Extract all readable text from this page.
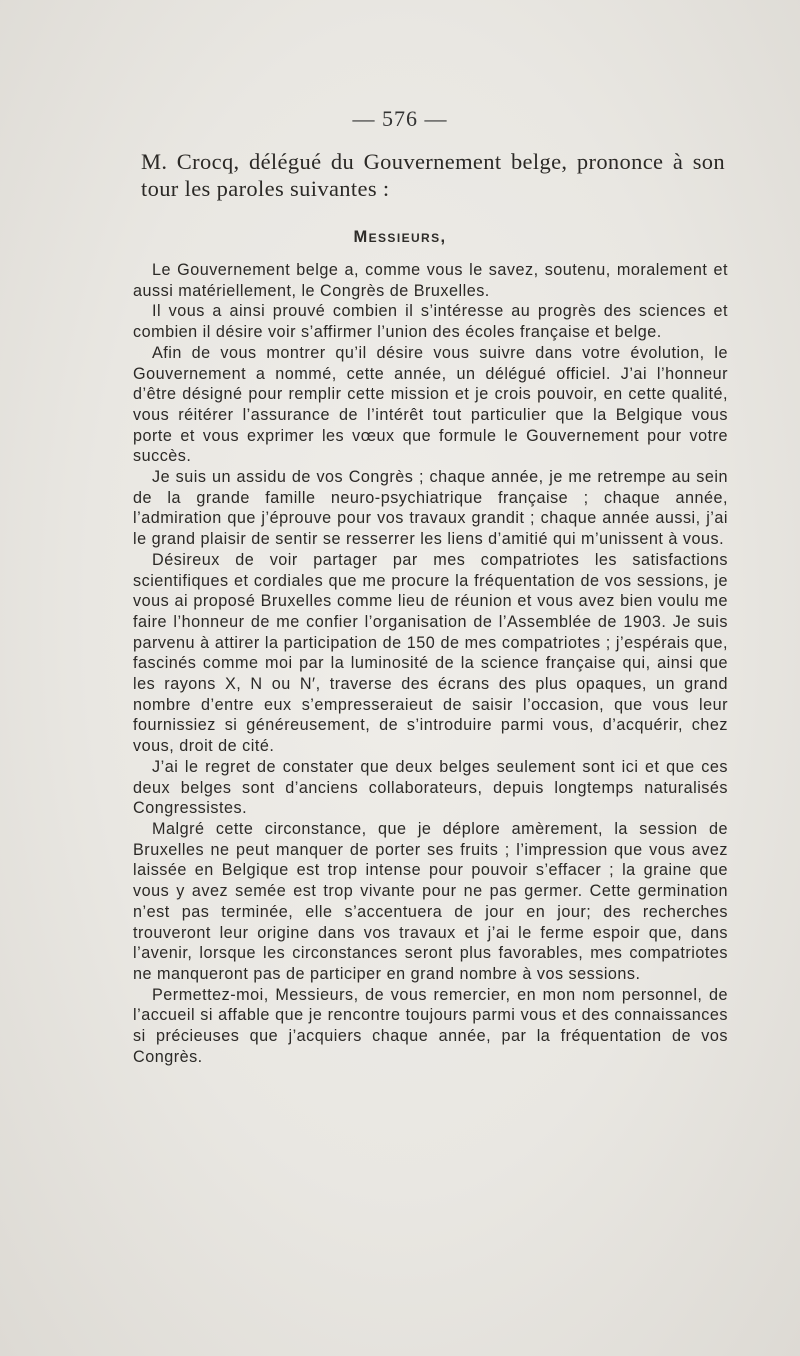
— 576 —
M. Crocq, délégué du Gouvernement belge, prononce à son tour les paroles suivantes :
Messieurs,

Le Gouvernement belge a, comme vous le savez, soutenu, moralement et aussi matériellement, le Congrès de Bruxelles.

Il vous a ainsi prouvé combien il s’intéresse au progrès des sciences et combien il désire voir s’affirmer l’union des écoles française et belge.

Afin de vous montrer qu’il désire vous suivre dans votre évolution, le Gouvernement a nommé, cette année, un délégué officiel. J’ai l’honneur d’être désigné pour remplir cette mission et je crois pouvoir, en cette qualité, vous réitérer l’assurance de l’intérêt tout particulier que la Belgique vous porte et vous exprimer les vœux que formule le Gouvernement pour votre succès.

Je suis un assidu de vos Congrès ; chaque année, je me retrempe au sein de la grande famille neuro-psychiatrique française ; chaque année, l’admiration que j’éprouve pour vos travaux grandit ; chaque année aussi, j’ai le grand plaisir de sentir se resserrer les liens d’amitié qui m’unissent à vous.

Désireux de voir partager par mes compatriotes les satisfactions scientifiques et cordiales que me procure la fréquentation de vos sessions, je vous ai proposé Bruxelles comme lieu de réunion et vous avez bien voulu me faire l’honneur de me confier l’organisation de l’Assemblée de 1903. Je suis parvenu à attirer la participation de 150 de mes compatriotes ; j’espérais que, fascinés comme moi par la luminosité de la science française qui, ainsi que les rayons X, N ou N′, traverse des écrans des plus opaques, un grand nombre d’entre eux s’empresseraieut de saisir l’occasion, que vous leur fournissiez si généreusement, de s’introduire parmi vous, d’acquérir, chez vous, droit de cité.

J’ai le regret de constater que deux belges seulement sont ici et que ces deux belges sont d’anciens collaborateurs, depuis longtemps naturalisés Congressistes.

Malgré cette circonstance, que je déplore amèrement, la session de Bruxelles ne peut manquer de porter ses fruits ; l’impression que vous avez laissée en Belgique est trop intense pour pouvoir s’effacer ; la graine que vous y avez semée est trop vivante pour ne pas germer. Cette germination n’est pas terminée, elle s’accentuera de jour en jour; des recherches trouveront leur origine dans vos travaux et j’ai le ferme espoir que, dans l’avenir, lorsque les circonstances seront plus favorables, mes compatriotes ne manqueront pas de participer en grand nombre à vos sessions.

Permettez-moi, Messieurs, de vous remercier, en mon nom personnel, de l’accueil si affable que je rencontre toujours parmi vous et des connaissances si précieuses que j’acquiers chaque année, par la fréquentation de vos Congrès.
